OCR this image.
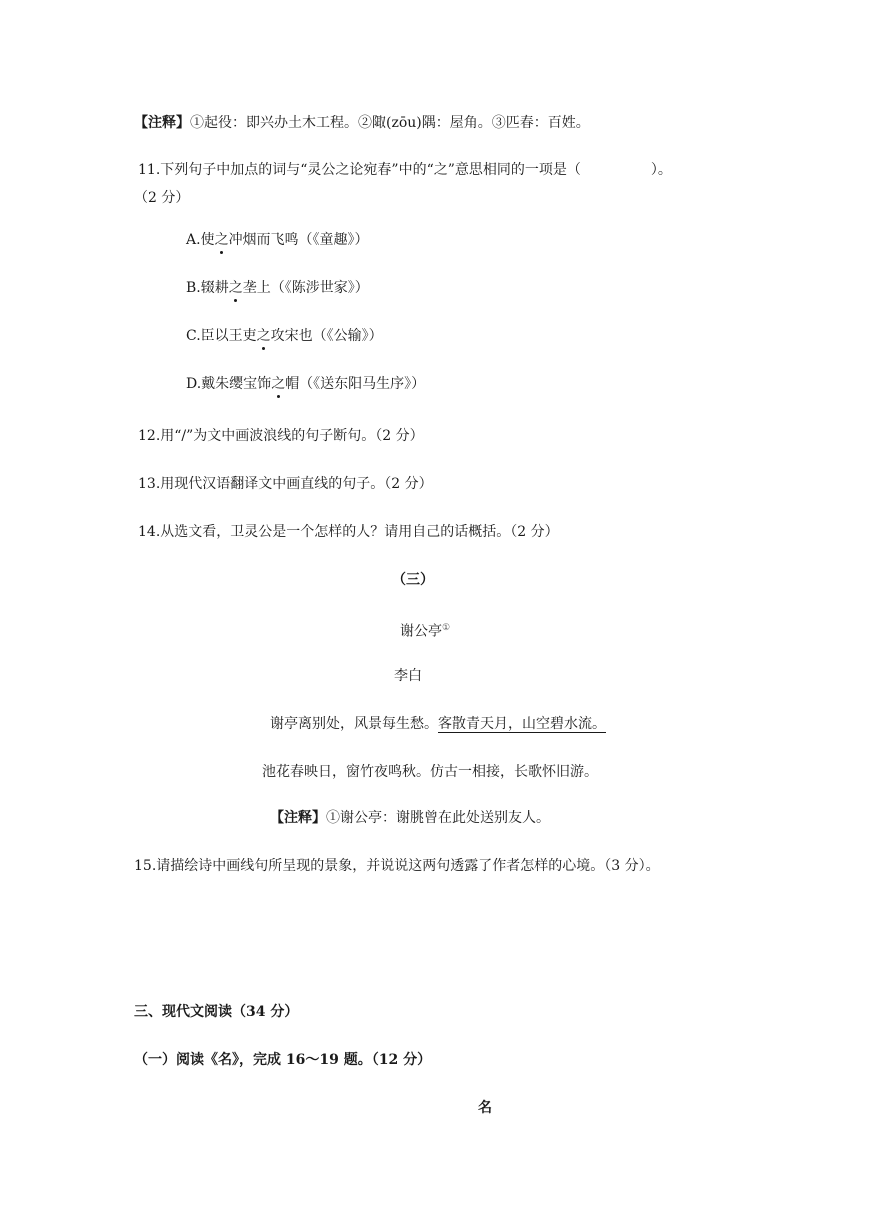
【注释】①起役：即兴办土木工程。②陬(zōu)隅：屋角。③匹春：百姓。
11.下列句子中加点的词与“灵公之论宛春”中的“之”意思相同的一项是（　　　　　）。
（2 分）
A.使之冲烟而飞鸣（《童趣》）
B.辍耕之垄上（《陈涉世家》）
C.臣以王吏之攻宋也（《公输》）
D.戴朱缨宝饰之帽（《送东阳马生序》）
12.用“/”为文中画波浪线的句子断句。（2 分）
13.用现代汉语翻译文中画直线的句子。（2 分）
14.从选文看，卫灵公是一个怎样的人？请用自己的话概括。（2 分）
（三）
谢公亭①
李白
谢亭离别处，风景每生愁。客散青天月，山空碧水流。
池花春映日，窗竹夜鸣秋。仿古一相接，长歌怀旧游。
【注释】①谢公亭：谢朓曾在此处送别友人。
15.请描绘诗中画线句所呈现的景象，并说说这两句透露了作者怎样的心境。（3 分）。
三、现代文阅读（34 分）
（一）阅读《名》，完成 16～19 题。（12 分）
名
